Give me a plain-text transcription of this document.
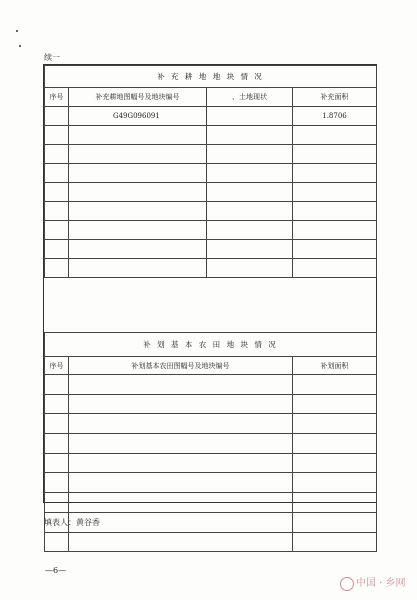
续一
补 充 耕 地 地 块 情 况			
序号	补充耕地图幅号及地块编号	、土地现状	补充面积
	G49G096091		1.8706

补 划 基 本 农 田 地 块 情 况		
序号	补划基本农田图幅号及地块编号	补划面积

填表人：黄谷香
—6—
中国 · 乡网
